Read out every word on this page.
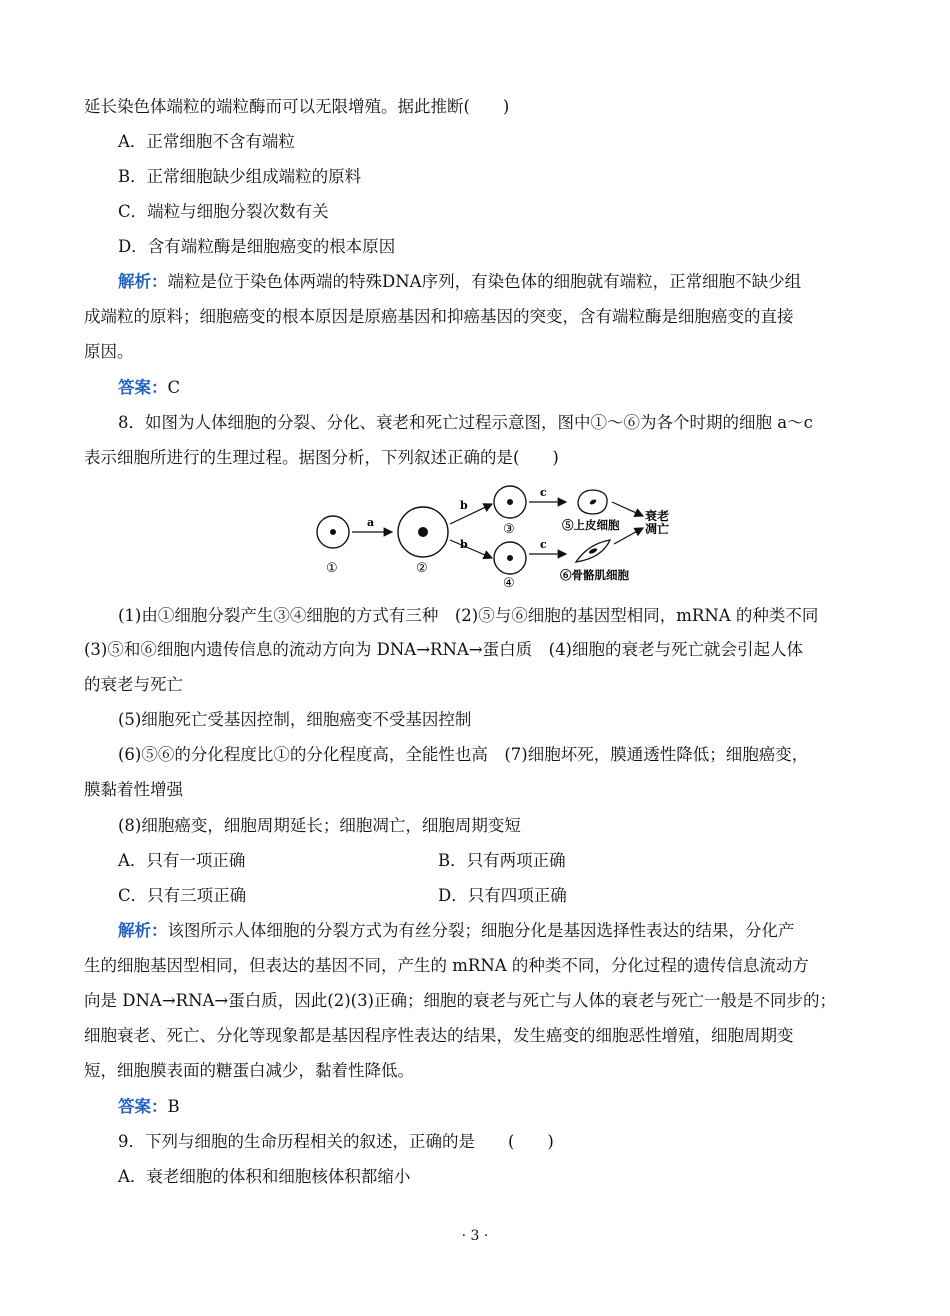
延长染色体端粒的端粒酶而可以无限增殖。据此推断(　　)
A．正常细胞不含有端粒
B．正常细胞缺少组成端粒的原料
C．端粒与细胞分裂次数有关
D．含有端粒酶是细胞癌变的根本原因
解析：端粒是位于染色体两端的特殊DNA序列，有染色体的细胞就有端粒，正常细胞不缺少组
成端粒的原料；细胞癌变的根本原因是原癌基因和抑癌基因的突变，含有端粒酶是细胞癌变的直接
原因。
答案：C
8．如图为人体细胞的分裂、分化、衰老和死亡过程示意图，图中①～⑥为各个时期的细胞 a～c
表示细胞所进行的生理过程。据图分析，下列叙述正确的是(　　)
①
a
②
b
b
③
④
c
c
⑤上皮细胞
⑥骨骼肌细胞
衰老
凋亡
(1)由①细胞分裂产生③④细胞的方式有三种　(2)⑤与⑥细胞的基因型相同，mRNA 的种类不同
(3)⑤和⑥细胞内遗传信息的流动方向为 DNA→RNA→蛋白质　(4)细胞的衰老与死亡就会引起人体
的衰老与死亡
(5)细胞死亡受基因控制，细胞癌变不受基因控制
(6)⑤⑥的分化程度比①的分化程度高，全能性也高　(7)细胞坏死，膜通透性降低；细胞癌变，
膜黏着性增强
(8)细胞癌变，细胞周期延长；细胞凋亡，细胞周期变短
A．只有一项正确	B．只有两项正确
C．只有三项正确	D．只有四项正确
解析：该图所示人体细胞的分裂方式为有丝分裂；细胞分化是基因选择性表达的结果，分化产
生的细胞基因型相同，但表达的基因不同，产生的 mRNA 的种类不同，分化过程的遗传信息流动方
向是 DNA→RNA→蛋白质，因此(2)(3)正确；细胞的衰老与死亡与人体的衰老与死亡一般是不同步的；
细胞衰老、死亡、分化等现象都是基因程序性表达的结果，发生癌变的细胞恶性增殖，细胞周期变
短，细胞膜表面的糖蛋白减少，黏着性降低。
答案：B
9．下列与细胞的生命历程相关的叙述，正确的是　　(　　)
A．衰老细胞的体积和细胞核体积都缩小
· 3 ·
